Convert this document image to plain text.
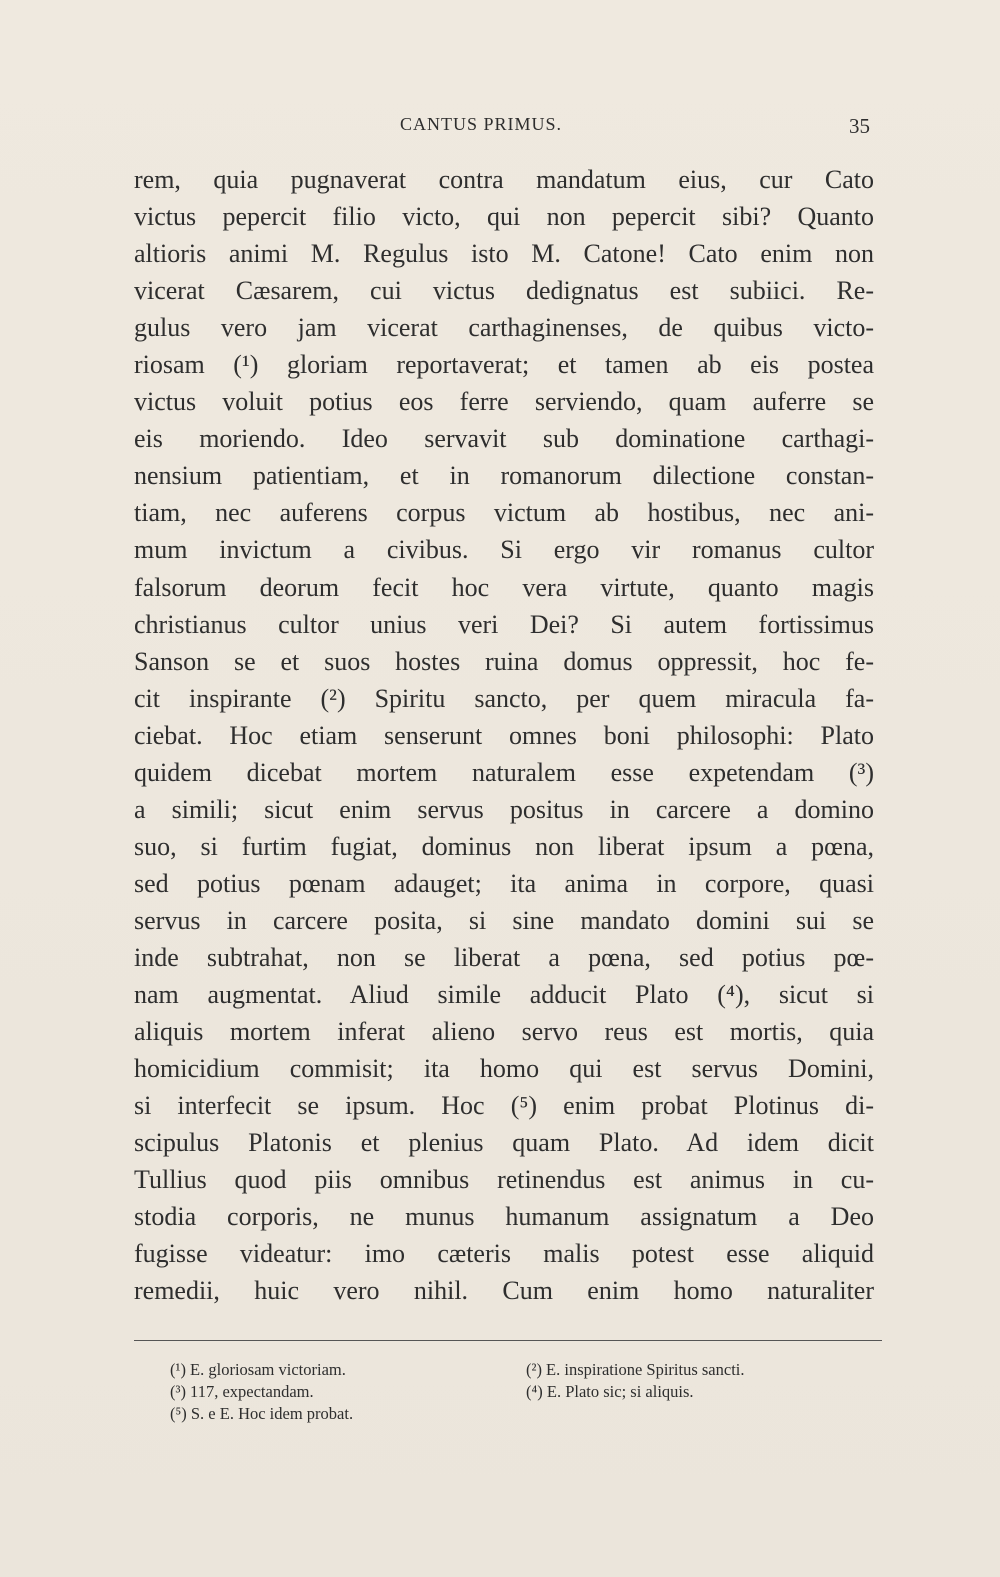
CANTUS PRIMUS.	35
rem, quia pugnaverat contra mandatum eius, cur Cato
victus pepercit filio victo, qui non pepercit sibi? Quanto
altioris animi M. Regulus isto M. Catone! Cato enim non
vicerat Cæsarem, cui victus dedignatus est subiici. Re-
gulus vero jam vicerat carthaginenses, de quibus victo-
riosam (¹) gloriam reportaverat; et tamen ab eis postea
victus voluit potius eos ferre serviendo, quam auferre se
eis moriendo. Ideo servavit sub dominatione carthagi-
nensium patientiam, et in romanorum dilectione constan-
tiam, nec auferens corpus victum ab hostibus, nec ani-
mum invictum a civibus. Si ergo vir romanus cultor
falsorum deorum fecit hoc vera virtute, quanto magis
christianus cultor unius veri Dei? Si autem fortissimus
Sanson se et suos hostes ruina domus oppressit, hoc fe-
cit inspirante (²) Spiritu sancto, per quem miracula fa-
ciebat. Hoc etiam senserunt omnes boni philosophi: Plato
quidem dicebat mortem naturalem esse expetendam (³)
a simili; sicut enim servus positus in carcere a domino
suo, si furtim fugiat, dominus non liberat ipsum a pœna,
sed potius pœnam adauget; ita anima in corpore, quasi
servus in carcere posita, si sine mandato domini sui se
inde subtrahat, non se liberat a pœna, sed potius pœ-
nam augmentat. Aliud simile adducit Plato (⁴), sicut si
aliquis mortem inferat alieno servo reus est mortis, quia
homicidium commisit; ita homo qui est servus Domini,
si interfecit se ipsum. Hoc (⁵) enim probat Plotinus di-
scipulus Platonis et plenius quam Plato. Ad idem dicit
Tullius quod piis omnibus retinendus est animus in cu-
stodia corporis, ne munus humanum assignatum a Deo
fugisse videatur: imo cæteris malis potest esse aliquid
remedii, huic vero nihil. Cum enim homo naturaliter
(¹) E. gloriosam victoriam.	(²) E. inspiratione Spiritus sancti.
(³) 117, expectandam.	(⁴) E. Plato sic; si aliquis.
(⁵) S. e E. Hoc idem probat.
